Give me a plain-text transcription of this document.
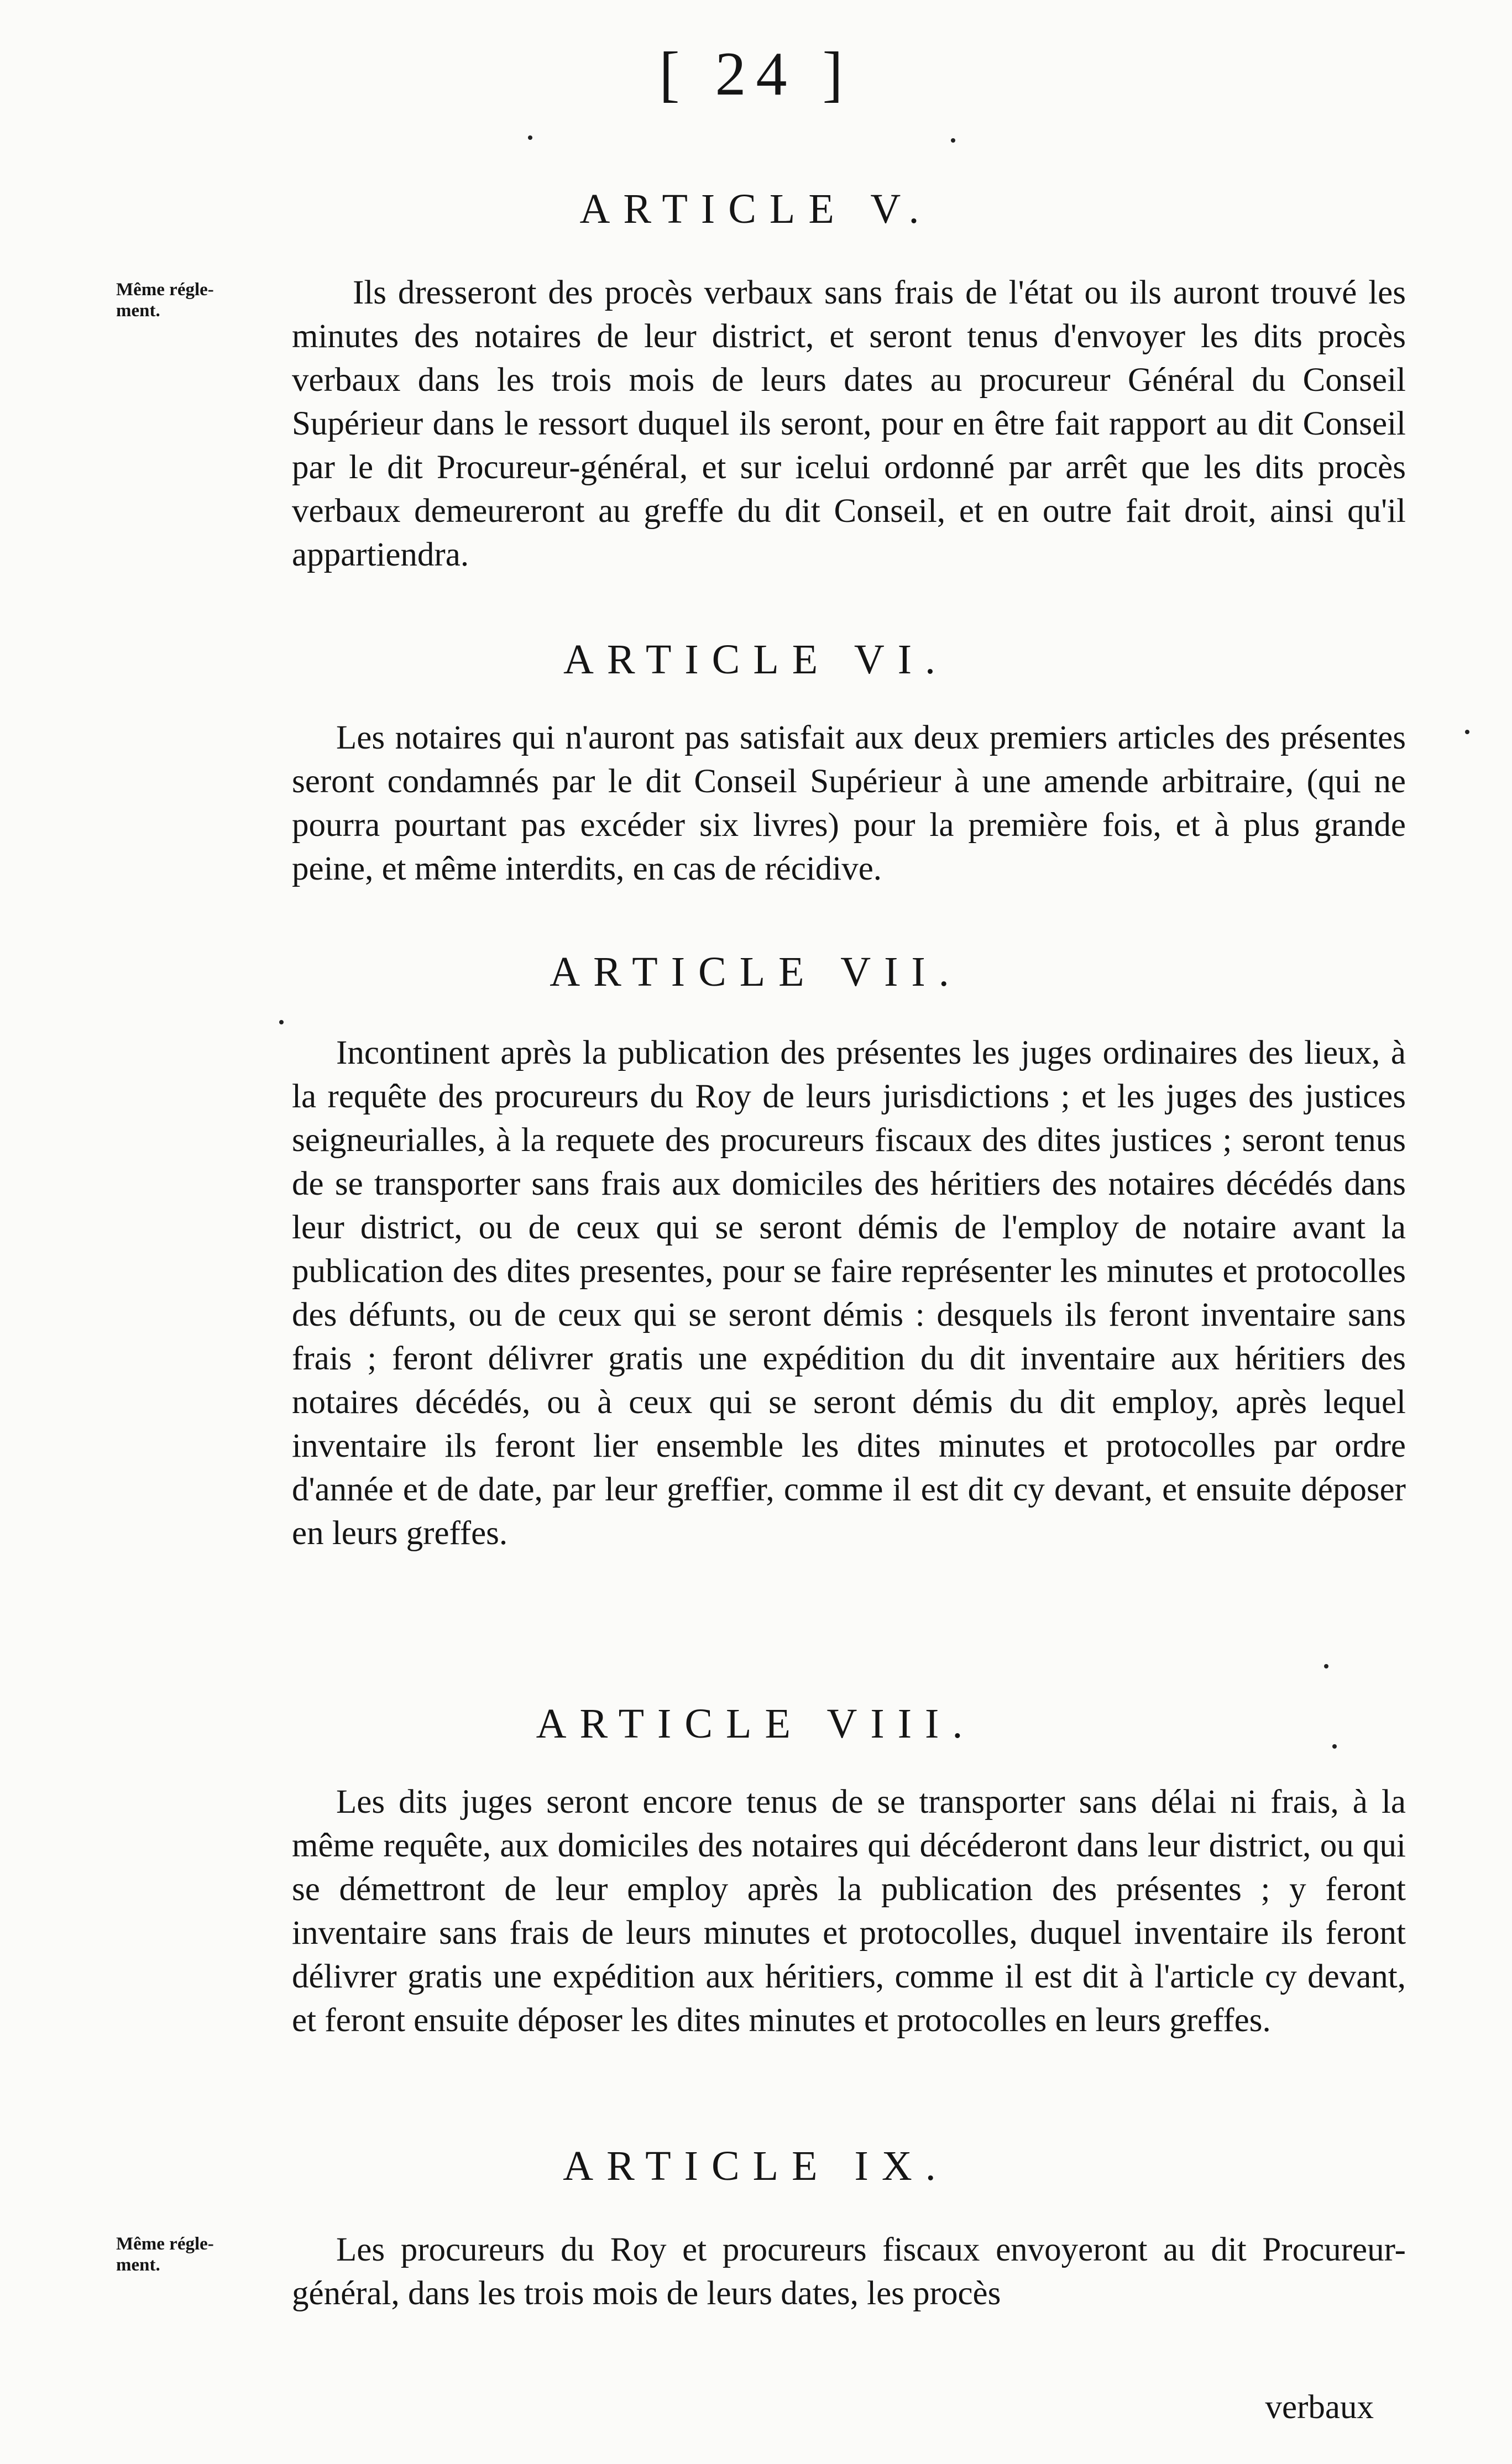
[ 24 ]
ARTICLE V.
Même régle-
ment.	Ils dresseront des procès verbaux sans frais de l'état ou ils auront trouvé les minutes des notaires de leur district, et seront tenus d'envoyer les dits procès verbaux dans les trois mois de leurs dates au procureur Général du Conseil Supérieur dans le ressort duquel ils seront, pour en être fait rapport au dit Conseil par le dit Procureur-général, et sur icelui ordonné par arrêt que les dits procès verbaux demeureront au greffe du dit Conseil, et en outre fait droit, ainsi qu'il appartiendra.

ARTICLE VI.

Les notaires qui n'auront pas satisfait aux deux premiers articles des présentes seront condamnés par le dit Conseil Supérieur à une amende arbitraire, (qui ne pourra pourtant pas excéder six livres) pour la première fois, et à plus grande peine, et même interdits, en cas de récidive.

ARTICLE VII.

Incontinent après la publication des présentes les juges ordinaires des lieux, à la requête des procureurs du Roy de leurs jurisdictions ; et les juges des justices seigneurialles, à la requete des procureurs fiscaux des dites justices ; seront tenus de se transporter sans frais aux domiciles des héritiers des notaires décédés dans leur district, ou de ceux qui se seront démis de l'employ de notaire avant la publication des dites presentes, pour se faire représenter les minutes et protocolles des défunts, ou de ceux qui se seront démis : desquels ils feront inventaire sans frais ; feront délivrer gratis une expédition du dit inventaire aux héritiers des notaires décédés, ou à ceux qui se seront démis du dit employ, après lequel inventaire ils feront lier ensemble les dites minutes et protocolles par ordre d'année et de date, par leur greffier, comme il est dit cy devant, et ensuite déposer en leurs greffes.

ARTICLE VIII.

Les dits juges seront encore tenus de se transporter sans délai ni frais, à la même requête, aux domiciles des notaires qui décéderont dans leur district, ou qui se démettront de leur employ après la publication des présentes ; y feront inventaire sans frais de leurs minutes et protocolles, duquel inventaire ils feront délivrer gratis une expédition aux héritiers, comme il est dit à l'article cy devant, et feront ensuite déposer les dites minutes et protocolles en leurs greffes.

ARTICLE IX.
Même régle-
ment.	Les procureurs du Roy et procureurs fiscaux envoyeront au dit Procureur-général, dans les trois mois de leurs dates, les procès

verbaux
